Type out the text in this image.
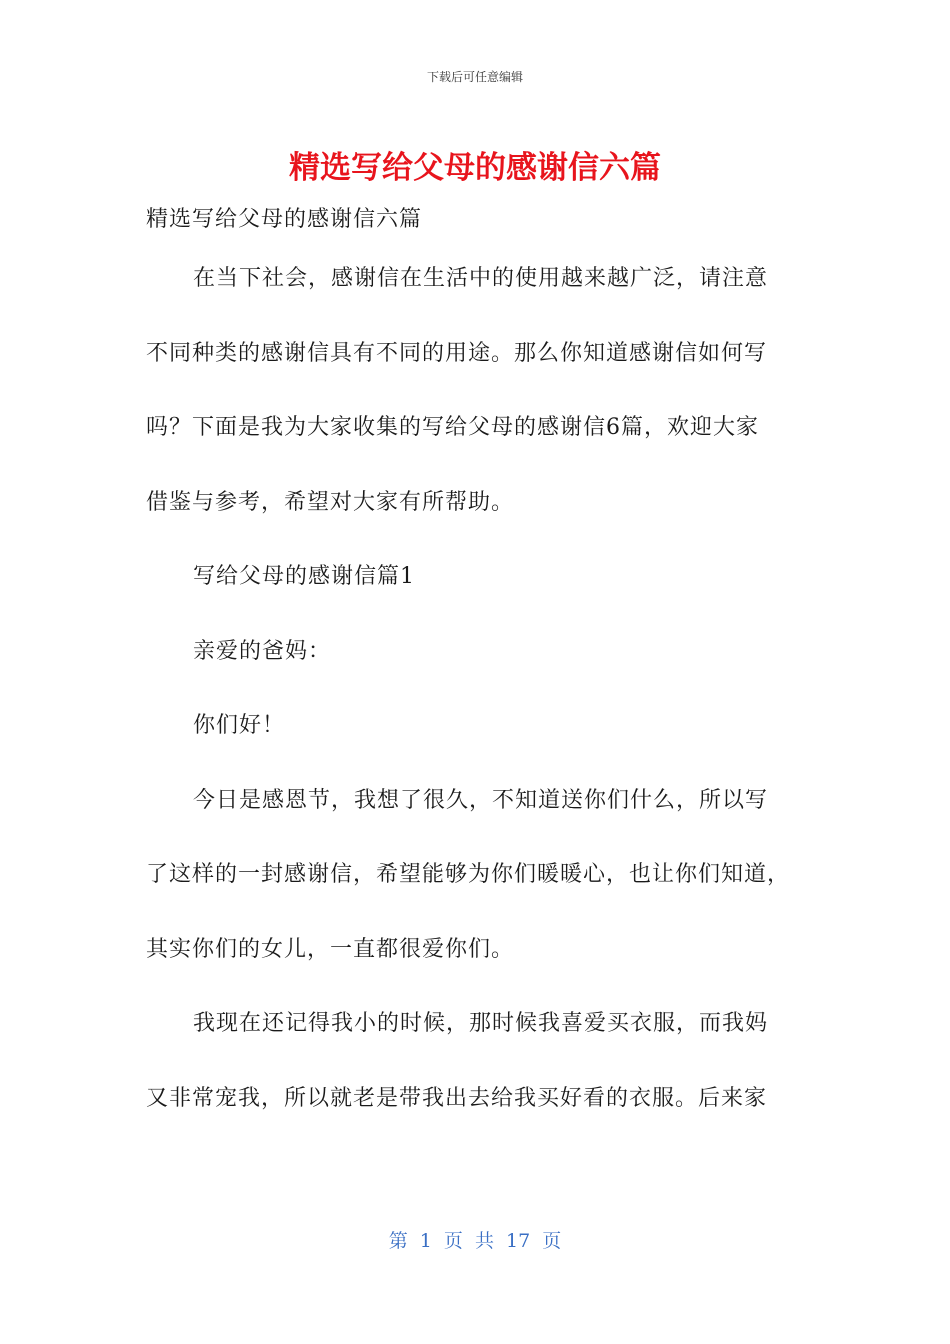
下载后可任意编辑
精选写给父母的感谢信六篇
精选写给父母的感谢信六篇
在当下社会，感谢信在生活中的使用越来越广泛，请注意
不同种类的感谢信具有不同的用途。那么你知道感谢信如何写
吗？下面是我为大家收集的写给父母的感谢信6篇，欢迎大家
借鉴与参考，希望对大家有所帮助。
写给父母的感谢信篇1
亲爱的爸妈：
你们好！
今日是感恩节，我想了很久，不知道送你们什么，所以写
了这样的一封感谢信，希望能够为你们暖暖心，也让你们知道，
其实你们的女儿，一直都很爱你们。
我现在还记得我小的时候，那时候我喜爱买衣服，而我妈
又非常宠我，所以就老是带我出去给我买好看的衣服。后来家
第 1 页 共 17 页
